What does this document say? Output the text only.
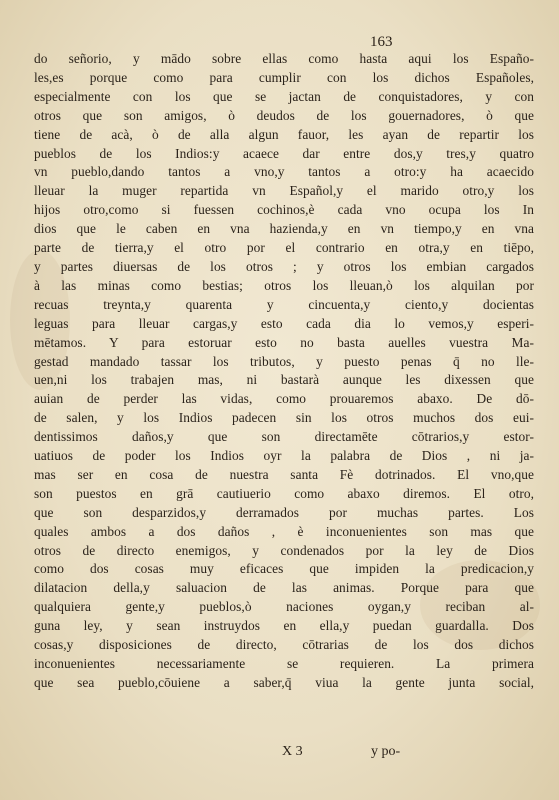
163
do señorio, y mādo sobre ellas como hasta aqui los Españo-
les,es porque como para cumplir con los dichos Españoles,
especialmente con los que se jactan de conquistadores, y con
otros que son amigos, ò deudos de los gouernadores, ò que
tiene de acà, ò de alla algun fauor, les ayan de repartir los
pueblos de los Indios:y acaece dar entre dos,y tres,y quatro
vn pueblo,dando tantos a vno,y tantos a otro:y ha acaecido
lleuar la muger repartida vn Español,y el marido otro,y los
hijos otro,como si fuessen cochinos,è cada vno ocupa los In
dios que le caben en vna hazienda,y en vn tiempo,y en vna
parte de tierra,y el otro por el contrario en otra,y en tiēpo,
y partes diuersas de los otros ; y otros los embian cargados
à las minas como bestias; otros los lleuan,ò los alquilan por
recuas treynta,y quarenta y cincuenta,y ciento,y docientas
leguas para lleuar cargas,y esto cada dia lo vemos,y esperi-
mētamos. Y para estoruar esto no basta auelles vuestra Ma-
gestad mandado tassar los tributos, y puesto penas q̄ no lle-
uen,ni los trabajen mas, ni bastarà aunque les dixessen que
auian de perder las vidas, como prouaremos abaxo. De dō-
de salen, y los Indios padecen sin los otros muchos dos eui-
dentissimos daños,y que son directamēte cōtrarios,y estor-
uatiuos de poder los Indios oyr la palabra de Dios , ni ja-
mas ser en cosa de nuestra santa Fè dotrinados. El vno,que
son puestos en grā cautiuerio como abaxo diremos. El otro,
que son desparzidos,y derramados por muchas partes. Los
quales ambos a dos daños , è inconuenientes son mas que
otros de directo enemigos, y condenados por la ley de Dios
como dos cosas muy eficaces que impiden la predicacion,y
dilatacion della,y saluacion de las animas. Porque para que
qualquiera gente,y pueblos,ò naciones oygan,y reciban al-
guna ley, y sean instruydos en ella,y puedan guardalla. Dos
cosas,y disposiciones de directo, cōtrarias de los dos dichos
inconuenientes necessariamente se requieren. La primera
que sea pueblo,cōuiene a saber,q̄ viua la gente junta social,
X 3	y po-
